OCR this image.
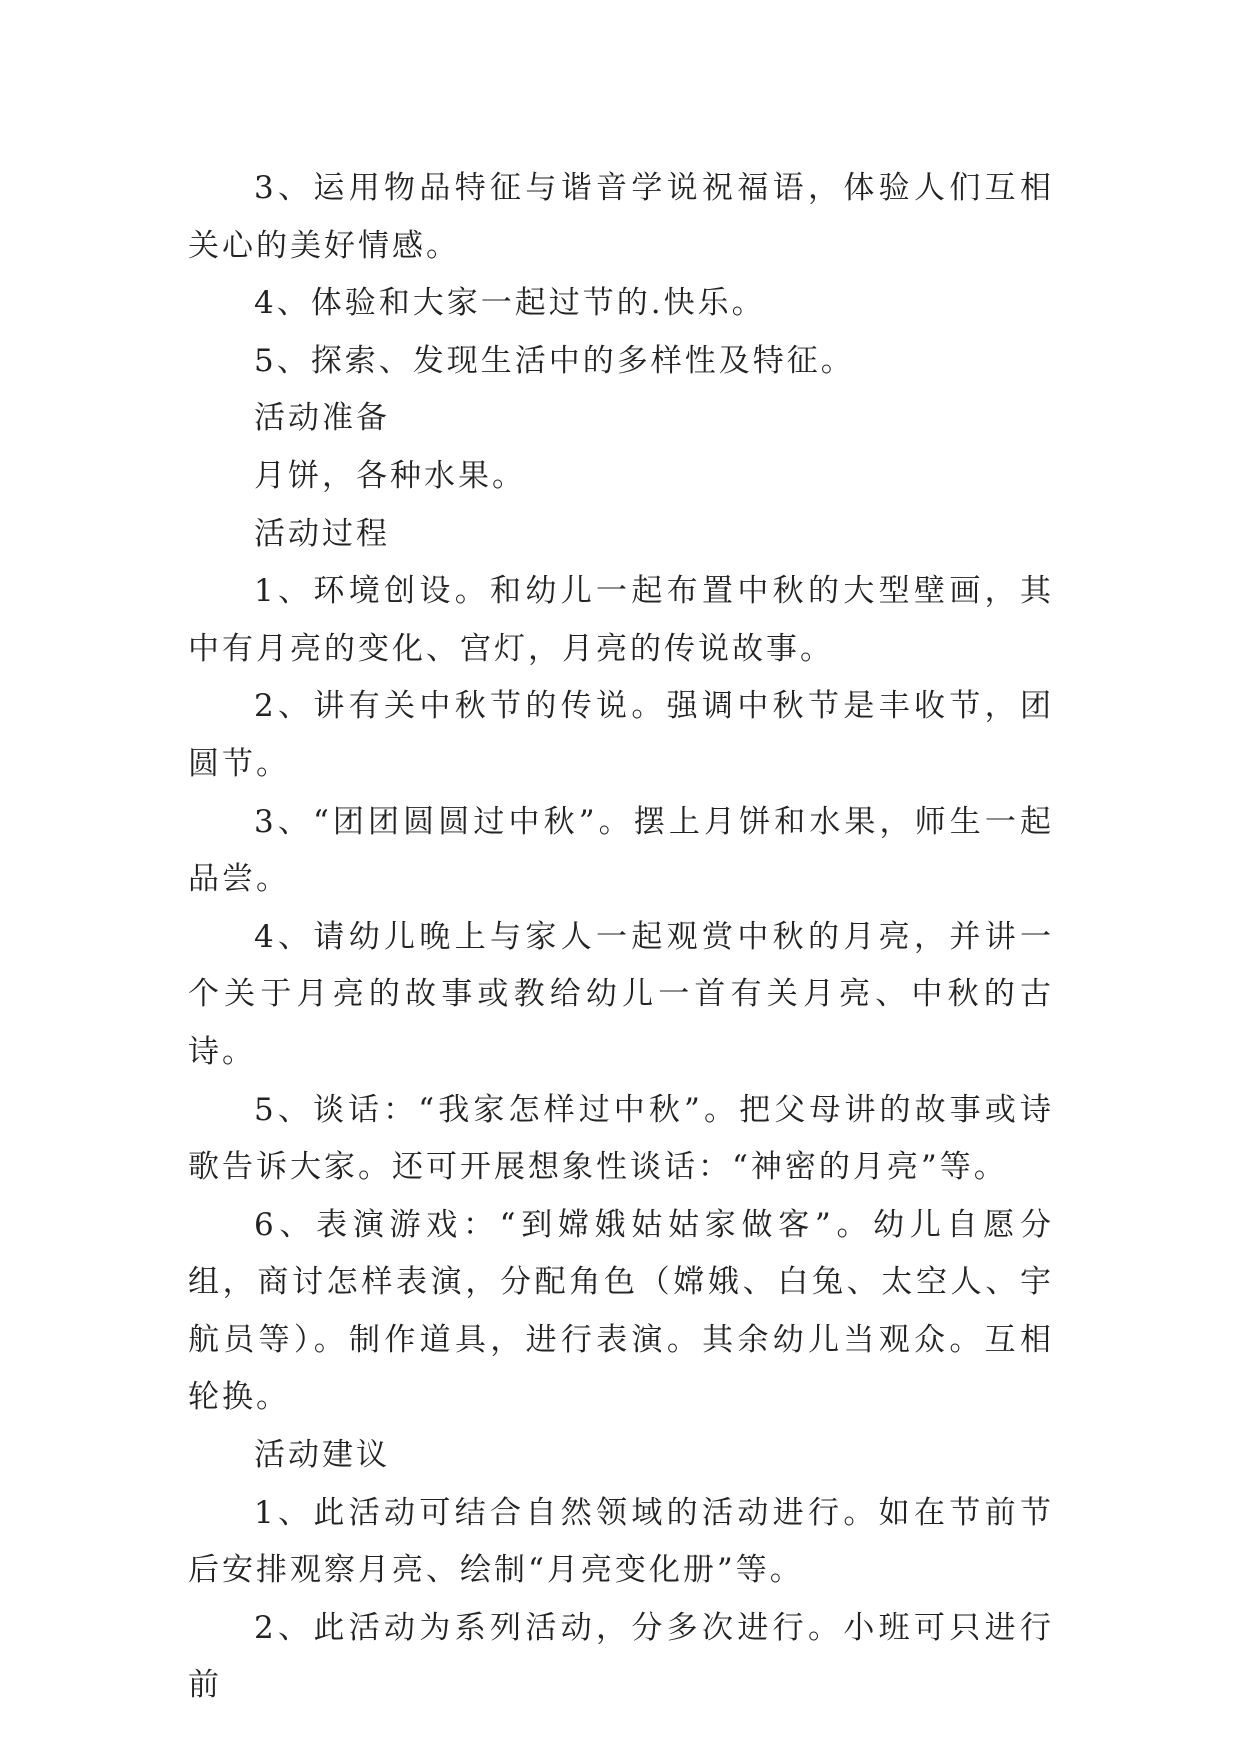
3、运用物品特征与谐音学说祝福语，体验人们互相关心的美好情感。

4、体验和大家一起过节的.快乐。

5、探索、发现生活中的多样性及特征。

活动准备

月饼，各种水果。

活动过程

1、环境创设。和幼儿一起布置中秋的大型壁画，其中有月亮的变化、宫灯，月亮的传说故事。

2、讲有关中秋节的传说。强调中秋节是丰收节，团圆节。

3、“团团圆圆过中秋”。摆上月饼和水果，师生一起品尝。

4、请幼儿晚上与家人一起观赏中秋的月亮，并讲一个关于月亮的故事或教给幼儿一首有关月亮、中秋的古诗。

5、谈话：“我家怎样过中秋”。把父母讲的故事或诗歌告诉大家。还可开展想象性谈话：“神密的月亮”等。

6、表演游戏：“到嫦娥姑姑家做客”。幼儿自愿分组，商讨怎样表演，分配角色（嫦娥、白兔、太空人、宇航员等）。制作道具，进行表演。其余幼儿当观众。互相轮换。

活动建议

1、此活动可结合自然领域的活动进行。如在节前节后安排观察月亮、绘制“月亮变化册”等。

2、此活动为系列活动，分多次进行。小班可只进行前
